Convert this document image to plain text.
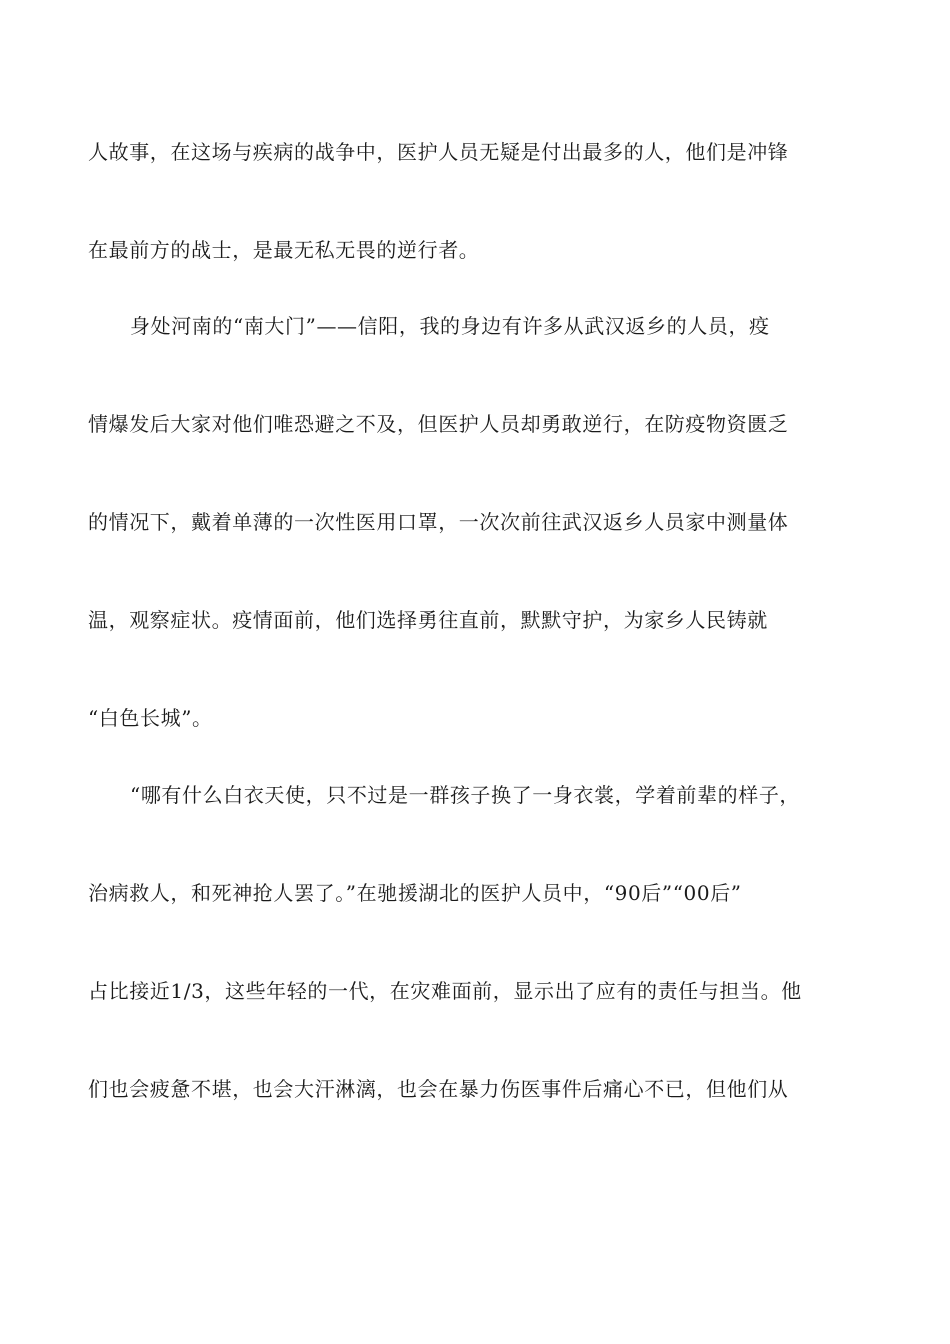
人故事，在这场与疾病的战争中，医护人员无疑是付出最多的人，他们是冲锋
在最前方的战士，是最无私无畏的逆行者。
身处河南的“南大门”——信阳，我的身边有许多从武汉返乡的人员，疫
情爆发后大家对他们唯恐避之不及，但医护人员却勇敢逆行，在防疫物资匮乏
的情况下，戴着单薄的一次性医用口罩，一次次前往武汉返乡人员家中测量体
温，观察症状。疫情面前，他们选择勇往直前，默默守护，为家乡人民铸就
“白色长城”。
“哪有什么白衣天使，只不过是一群孩子换了一身衣裳，学着前辈的样子，
治病救人，和死神抢人罢了。”在驰援湖北的医护人员中，“90后”“00后”
占比接近1/3，这些年轻的一代，在灾难面前，显示出了应有的责任与担当。他
们也会疲惫不堪，也会大汗淋漓，也会在暴力伤医事件后痛心不已，但他们从
